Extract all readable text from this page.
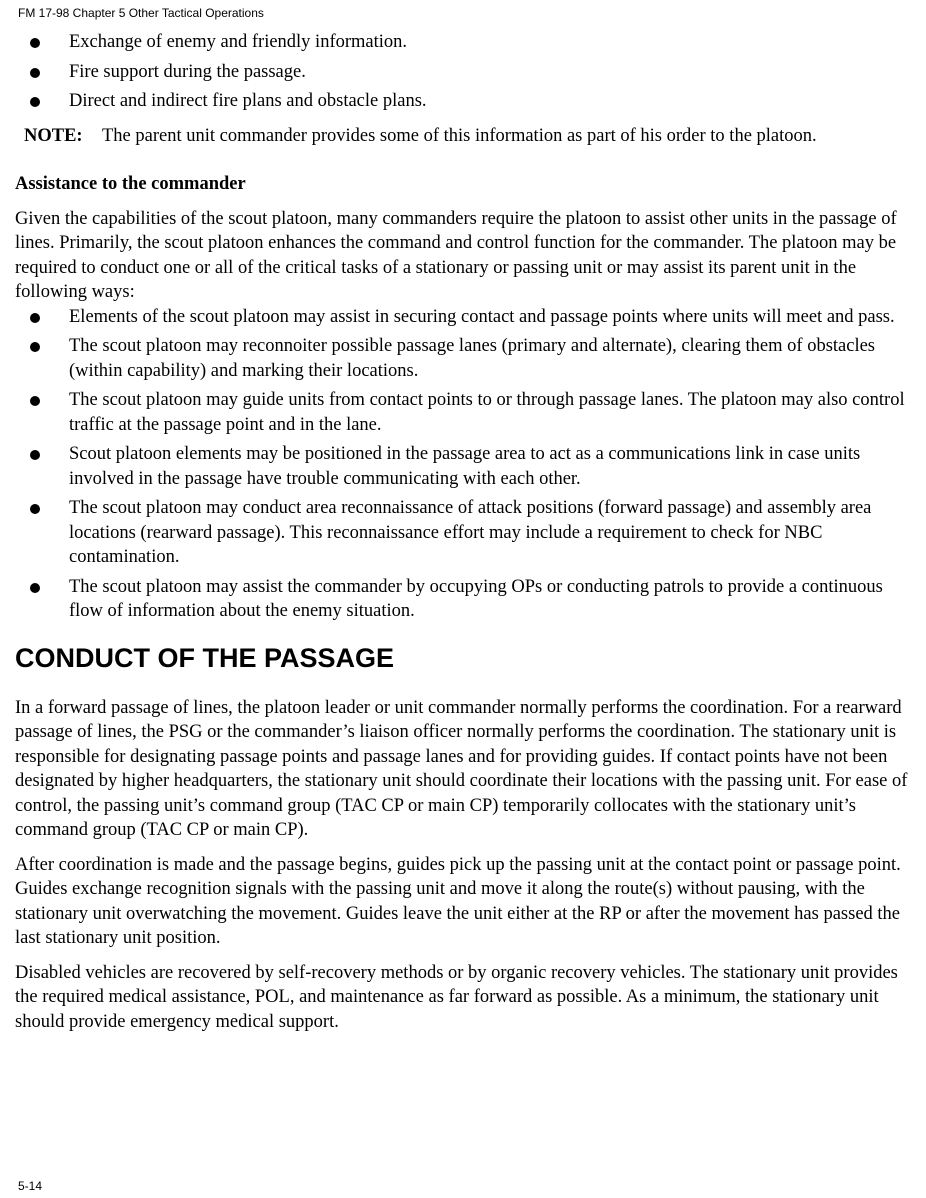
FM 17-98 Chapter 5 Other Tactical Operations
Exchange of enemy and friendly information.
Fire support during the passage.
Direct and indirect fire plans and obstacle plans.
NOTE:	The parent unit commander provides some of this information as part of his order to the platoon.
Assistance to the commander

Given the capabilities of the scout platoon, many commanders require the platoon to assist other units in the passage of lines. Primarily, the scout platoon enhances the command and control function for the commander. The platoon may be required to conduct one or all of the critical tasks of a stationary or passing unit or may assist its parent unit in the following ways:

Elements of the scout platoon may assist in securing contact and passage points where units will meet and pass.
The scout platoon may reconnoiter possible passage lanes (primary and alternate), clearing them of obstacles (within capability) and marking their locations.
The scout platoon may guide units from contact points to or through passage lanes. The platoon may also control traffic at the passage point and in the lane.
Scout platoon elements may be positioned in the passage area to act as a communications link in case units involved in the passage have trouble communicating with each other.
The scout platoon may conduct area reconnaissance of attack positions (forward passage) and assembly area locations (rearward passage). This reconnaissance effort may include a requirement to check for NBC contamination.
The scout platoon may assist the commander by occupying OPs or conducting patrols to provide a continuous flow of information about the enemy situation.
CONDUCT OF THE PASSAGE

In a forward passage of lines, the platoon leader or unit commander normally performs the coordination. For a rearward passage of lines, the PSG or the commander’s liaison officer normally performs the coordination. The stationary unit is responsible for designating passage points and passage lanes and for providing guides. If contact points have not been designated by higher headquarters, the stationary unit should coordinate their locations with the passing unit. For ease of control, the passing unit’s command group (TAC CP or main CP) temporarily collocates with the stationary unit’s command group (TAC CP or main CP).

After coordination is made and the passage begins, guides pick up the passing unit at the contact point or passage point. Guides exchange recognition signals with the passing unit and move it along the route(s) without pausing, with the stationary unit overwatching the movement. Guides leave the unit either at the RP or after the movement has passed the last stationary unit position.

Disabled vehicles are recovered by self-recovery methods or by organic recovery vehicles. The stationary unit provides the required medical assistance, POL, and maintenance as far forward as possible. As a minimum, the stationary unit should provide emergency medical support.

5-14
